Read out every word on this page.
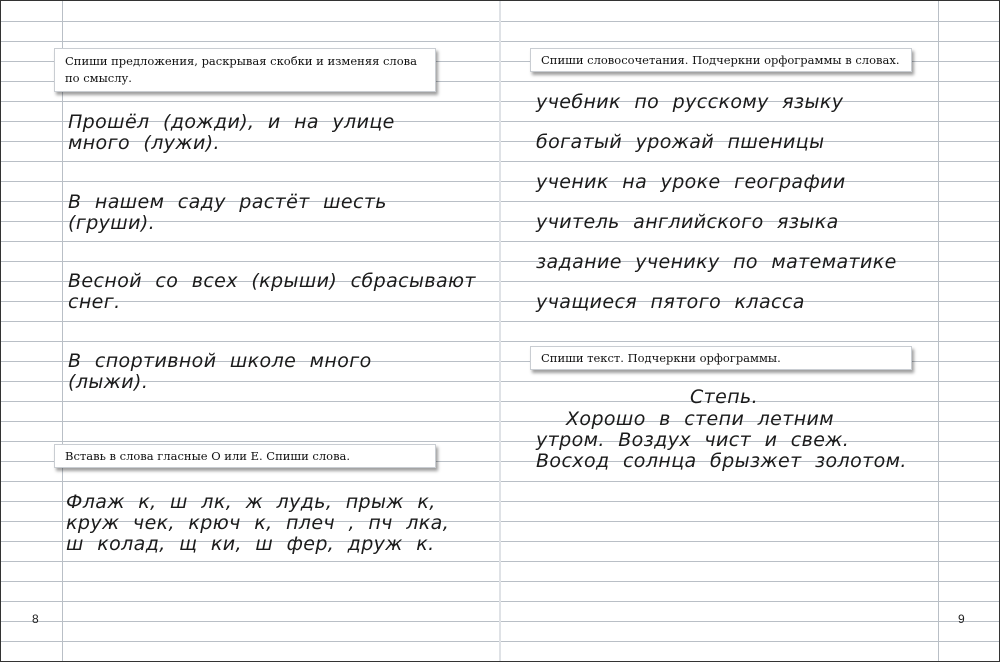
Спиши предложения, раскрывая скобки и изменяя слова
по смыслу.
Прошёл (дожди), и на улице
много (лужи).
В нашем саду растёт шесть
(груши).
Весной со всех (крыши) сбрасывают
снег.
В спортивной школе много
(лыжи).
Вставь в слова гласные О или Е. Спиши слова.
Флаж к, ш лк, ж лудь, прыж к,
круж чек, крюч к, плеч , пч лка,
ш колад, щ ки, ш фер, друж к.
8
Спиши словосочетания. Подчеркни орфограммы в словах.
учебник по русскому языку
богатый урожай пшеницы
ученик на уроке географии
учитель английского языка
задание ученику по математике
учащиеся пятого класса
Спиши текст. Подчеркни орфограммы.
Степь.
Хорошо в степи летним
утром. Воздух чист и свеж.
Восход солнца брызжет золотом.
9
